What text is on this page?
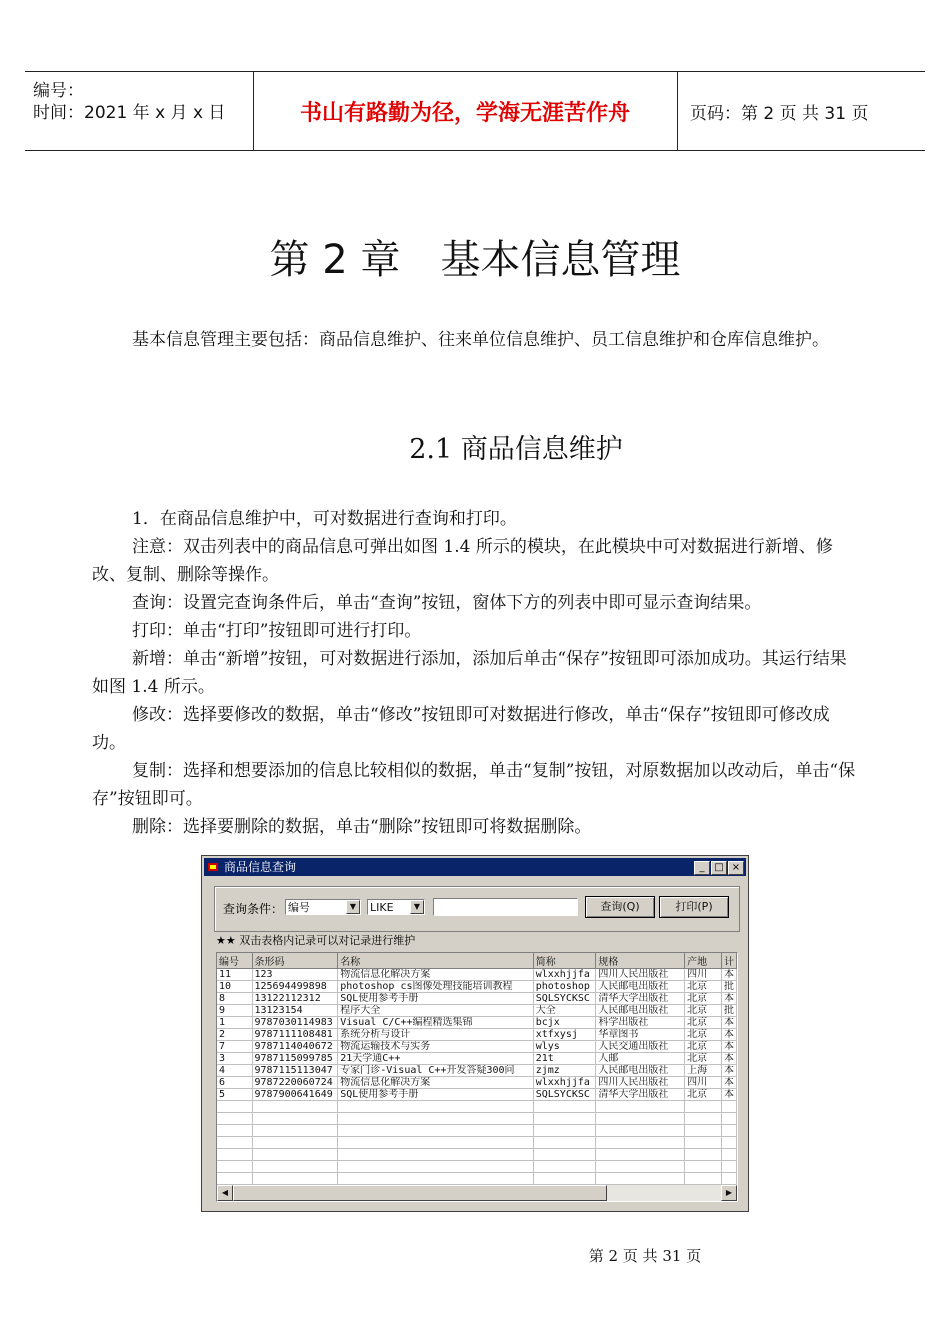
编号：
时间：2021 年 x 月 x 日	书山有路勤为径，学海无涯苦作舟	页码：第 2 页 共 31 页
第 2 章 基本信息管理

基本信息管理主要包括：商品信息维护、往来单位信息维护、员工信息维护和仓库信息维护。

2.1 商品信息维护

1．在商品信息维护中，可对数据进行查询和打印。

注意：双击列表中的商品信息可弹出如图 1.4 所示的模块，在此模块中可对数据进行新增、修改、复制、删除等操作。

查询：设置完查询条件后，单击“查询”按钮，窗体下方的列表中即可显示查询结果。

打印：单击“打印”按钮即可进行打印。

新增：单击“新增”按钮，可对数据进行添加，添加后单击“保存”按钮即可添加成功。其运行结果如图 1.4 所示。

修改：选择要修改的数据，单击“修改”按钮即可对数据进行修改，单击“保存”按钮即可修改成功。

复制：选择和想要添加的信息比较相似的数据，单击“复制”按钮，对原数据加以改动后，单击“保存”按钮即可。

删除：选择要删除的数据，单击“删除”按钮即可将数据删除。

商品信息查询	_ □ ×
查询条件： 编号	▼	LIKE	▼	查询(Q)	打印(P)
★★ 双击表格内记录可以对记录进行维护
编号	条形码	名称	简称	规格	产地	计
11	123	物流信息化解决方案	wlxxhjjfa	四川人民出版社	四川	本
10	125694499898	photoshop cs图像处理技能培训教程	photoshop	人民邮电出版社	北京	批
8	13122112312	SQL使用参考手册	SQLSYCKSC	清华大学出版社	北京	本
9	13123154	程序大全	大全	人民邮电出版社	北京	批
1	9787030114983	Visual C/C++编程精选集锦	bcjx	科学出版社	北京	本
2	9787111108481	系统分析与设计	xtfxysj	华章图书	北京	本
7	9787114040672	物流运输技术与实务	wlys	人民交通出版社	北京	本
3	9787115099785	21天学通C++	21t	人邮	北京	本
4	9787115113047	专家门诊-Visual C++开发答疑300问	zjmz	人民邮电出版社	上海	本
6	9787220060724	物流信息化解决方案	wlxxhjjfa	四川人民出版社	四川	本
5	9787900641649	SQL使用参考手册	SQLSYCKSC	清华大学出版社	北京	本

◀	▶
第 2 页 共 31 页
